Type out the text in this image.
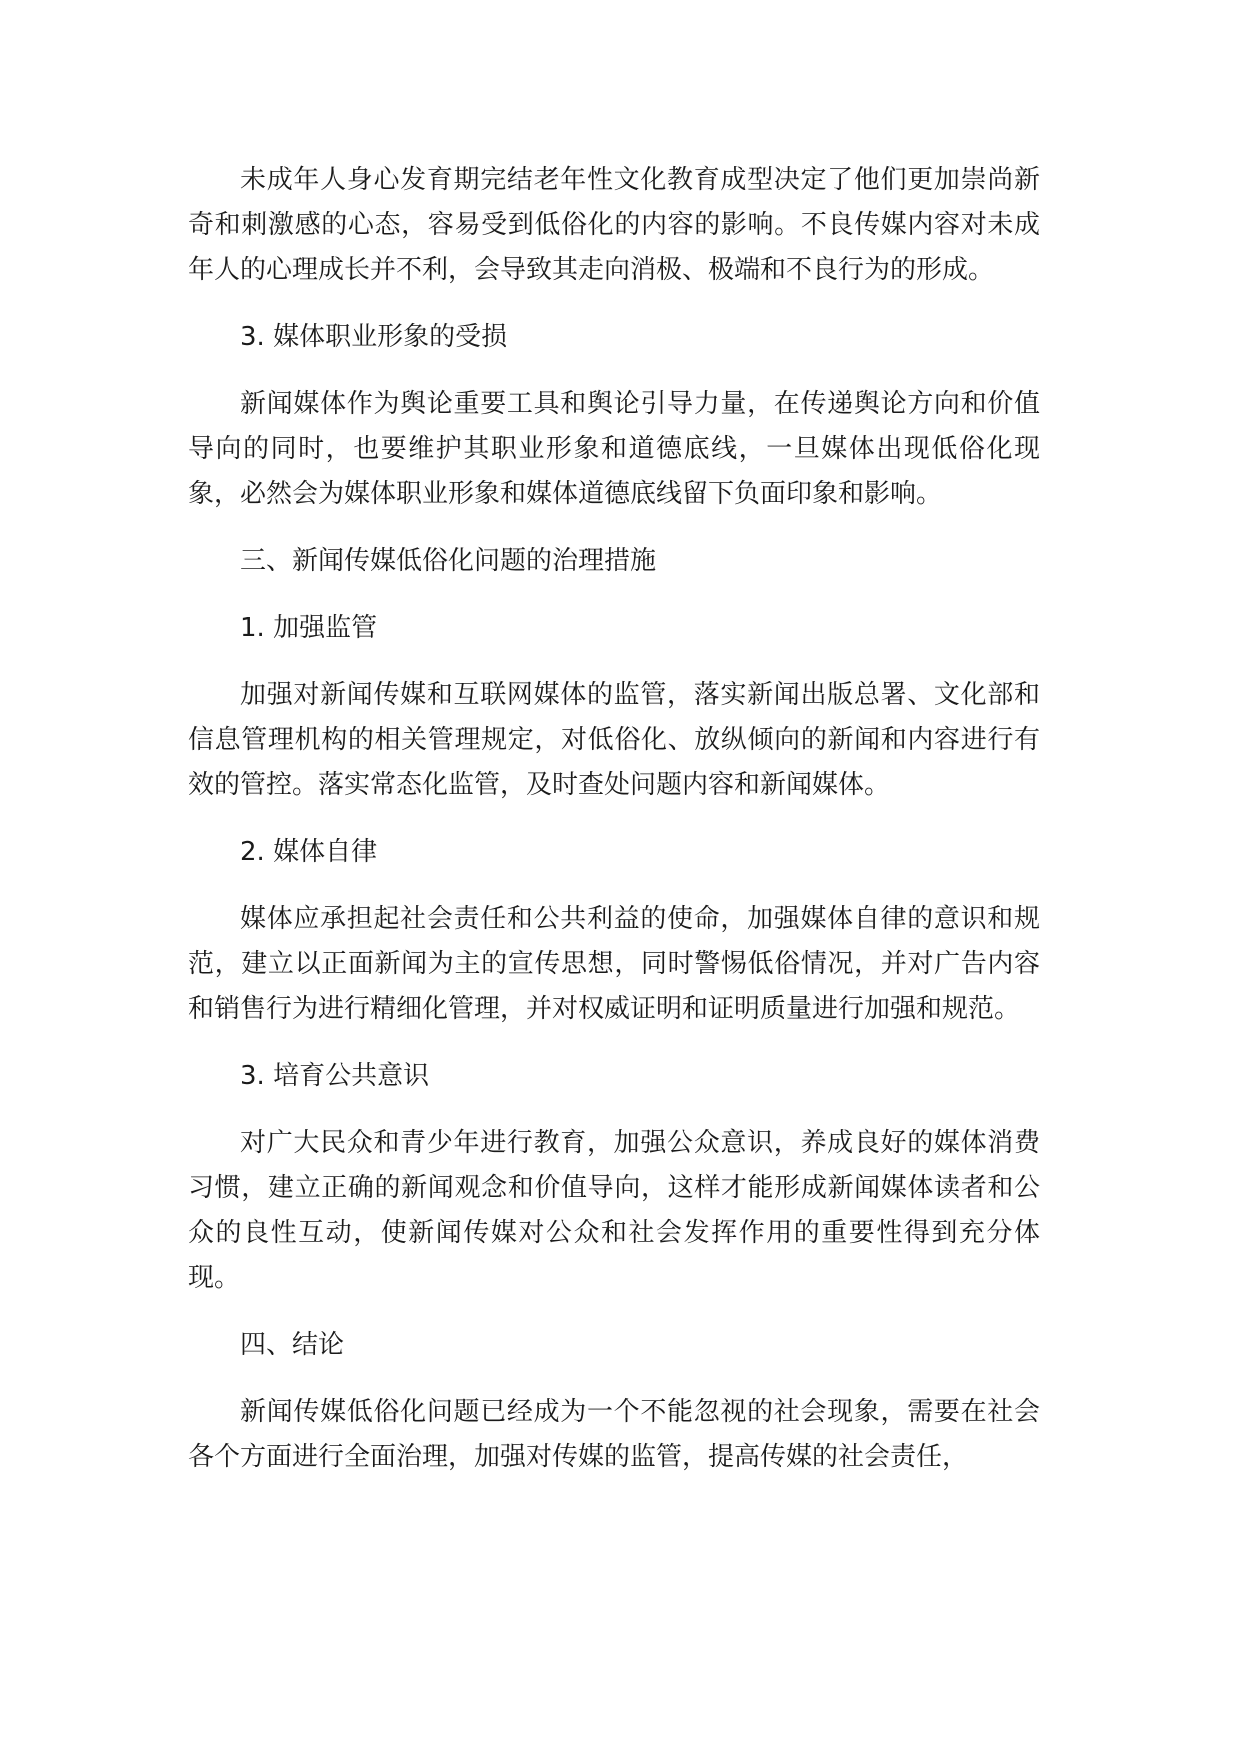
未成年人身心发育期完结老年性文化教育成型决定了他们更加崇尚新奇和刺激感的心态，容易受到低俗化的内容的影响。不良传媒内容对未成年人的心理成长并不利，会导致其走向消极、极端和不良行为的形成。

3. 媒体职业形象的受损

新闻媒体作为舆论重要工具和舆论引导力量，在传递舆论方向和价值导向的同时，也要维护其职业形象和道德底线，一旦媒体出现低俗化现象，必然会为媒体职业形象和媒体道德底线留下负面印象和影响。

三、新闻传媒低俗化问题的治理措施

1. 加强监管

加强对新闻传媒和互联网媒体的监管，落实新闻出版总署、文化部和信息管理机构的相关管理规定，对低俗化、放纵倾向的新闻和内容进行有效的管控。落实常态化监管，及时查处问题内容和新闻媒体。

2. 媒体自律

媒体应承担起社会责任和公共利益的使命，加强媒体自律的意识和规范，建立以正面新闻为主的宣传思想，同时警惕低俗情况，并对广告内容和销售行为进行精细化管理，并对权威证明和证明质量进行加强和规范。

3. 培育公共意识

对广大民众和青少年进行教育，加强公众意识，养成良好的媒体消费习惯，建立正确的新闻观念和价值导向，这样才能形成新闻媒体读者和公众的良性互动，使新闻传媒对公众和社会发挥作用的重要性得到充分体现。

四、结论

新闻传媒低俗化问题已经成为一个不能忽视的社会现象，需要在社会各个方面进行全面治理，加强对传媒的监管，提高传媒的社会责任，
